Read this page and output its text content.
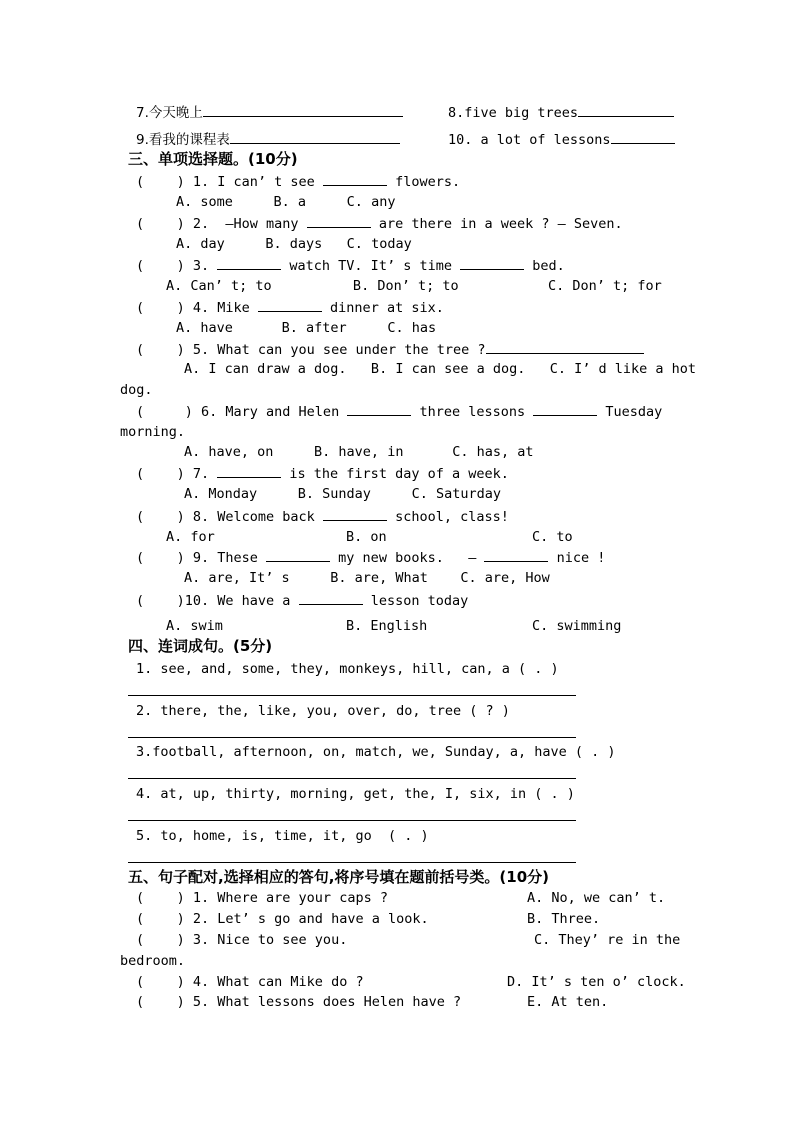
7.今天晚上	8.five big trees
9.看我的课程表	10. a lot of lessons
三、单项选择题。(10分)
(    ) 1. I can’ t see	flowers.
A. some     B. a     C. any
(    ) 2.  –How many	are there in a week ? – Seven.
A. day     B. days   C. today
(    ) 3.	watch TV. It’ s time	bed.
A. Can’ t; to          B. Don’ t; to           C. Don’ t; for
(    ) 4. Mike	dinner at six.
A. have      B. after     C. has
(    ) 5. What can you see under the tree ?
A. I can draw a dog.   B. I can see a dog.   C. I’ d like a hot
dog.
(     ) 6. Mary and Helen	three lessons	Tuesday
morning.
A. have, on     B. have, in      C. has, at
(    ) 7.	is the first day of a week.
A. Monday     B. Sunday     C. Saturday
(    ) 8. Welcome back	school, class!
A. for	B. on	C. to
(    ) 9. These	my new books.   –	nice !
A. are, It’ s     B. are, What    C. are, How
(    )10. We have a	lesson today
A. swim	B. English	C. swimming
四、连词成句。(5分)
1. see, and, some, they, monkeys, hill, can, a ( . )
2. there, the, like, you, over, do, tree ( ? )
3.football, afternoon, on, match, we, Sunday, a, have ( . )
4. at, up, thirty, morning, get, the, I, six, in ( . )
5. to, home, is, time, it, go  ( . )
五、句子配对,选择相应的答句,将序号填在题前括号类。(10分)
(    ) 1. Where are your caps ?	A. No, we can’ t.
(    ) 2. Let’ s go and have a look.	B. Three.
(    ) 3. Nice to see you.	C. They’ re in the
bedroom.
(    ) 4. What can Mike do ?	D. It’ s ten o’ clock.
(    ) 5. What lessons does Helen have ?	E. At ten.
